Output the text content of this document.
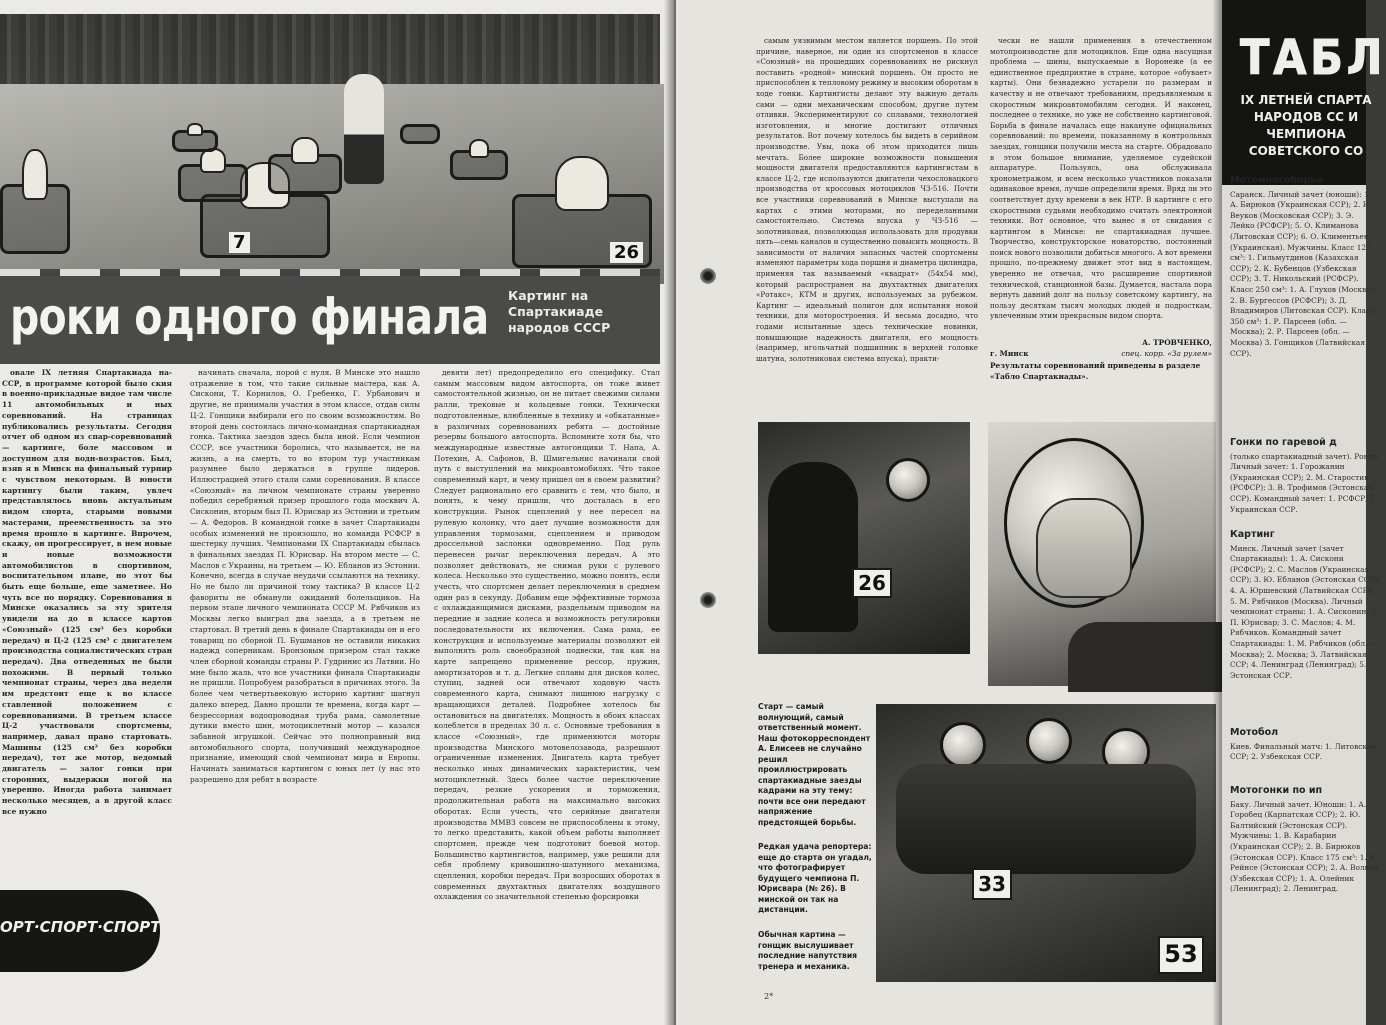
7	26
роки одного финала Картинг на Спартакиаде народов СССР

овале IX летняя Спартакиада на-ССР, в программе которой было ския в военно-прикладные видое там числе 11 автомобильных и ных соревнований. На страницах публиковались результаты. Сегодня отчет об одном из спар-соревнований — картинге, боле массовом и доступном для водн-возрастов. Был, взяв я в Минск на финальный турнир с чувством некоторым. В юности картингу были таким, увлеч представлялось вновь актуальным видом спорта, старыми новыми мастерами, преемственность за это время прошло в картинге. Впрочем, скажу, он прогрессирует, в нем новые и новые возможности автомобилистов в спортивном, воспитательном плане, но этот бы быть еще больше, еще заметнее. Но чуть все по порядку. Соревнования в Минске оказались за эту зрителя увидели на до в классе картов «Союзный» (125 см³ без коробки передач) и Ц-2 (125 см³ с двигателем производства социалистических стран передач). Два отведенных не были похожими. В первый только чемпионат страны, через два недели им предстоит еще к во классе ставленной положением с соревнованиями. В третьем классе Ц-2 участвовали спортсмены, например, давал право стартовать. Машины (125 см³ без коробки передач), тот же мотор, ведомый двигатель — залог гонки при сторонних, выдержки ногой на уверенно. Иногда работа занимает несколько месяцев, а в другой класс все нужно

начинать сначала, порой с нуля. В Минске это нашло отражение в том, что такие сильные мастера, как А. Сискони, Т. Корнилов, О. Гребенко, Г. Урбанович и другие, не принимали участия в этом классе, отдав силы Ц-2. Гонщики выбирали его по своим возможностям. Во второй день состоялась лично-командная спартакиадная гонка. Тактика заездов здесь была иной. Если чемпион СССР, все участники боролись, что называется, не на жизнь, а на смерть, то во втором тур участникам разумнее было держаться в группе лидеров. Иллюстрацией этого стали сами соревнования. В классе «Союзный» на личном чемпионате страны уверенно победил серебряный призер прошлого года москвич А. Сисконин, вторым был П. Юрисвар из Эстонии и третьим — А. Федоров. В командной гонке в зачет Спартакиады особых изменений не произошло, но команда РСФСР в шестерку лучших. Чемпионами IX Спартакиады сбылась в финальных заездах П. Юрисвар. На втором месте — С. Маслов с Украины, на третьем — Ю. Ебланов из Эстонии. Конечно, всегда в случае неудачи ссылаются на технику. Но не было ли причиной тому тактика? В классе Ц-2 фавориты не обманули ожиданий болельщиков. На первом этапе личного чемпионата СССР М. Рябчиков из Москвы легко выиграл два заезда, а в третьем не стартовал. В третий день в финале Спартакиады он и его товарищ по сборной П. Бушманов не оставили никаких надежд соперникам. Бронзовым призером стал также член сборной команды страны Р. Гудринис из Латвии. Но мне было жаль, что все участники финала Спартакиады не пришли. Попробуем разобраться в причинах этого. За более чем четвертьвековую историю картинг шагнул далеко вперед. Давно прошли те времена, когда карт — безрессорная водопроводная труба рама, самолетные дутики вместо шин, мотоциклетный мотор — казался забавной игрушкой. Сейчас это полноправный вид автомобильного спорта, получивший международное признание, имеющий свой чемпионат мира и Европы. Начинать заниматься картингом с юных лет (у нас это разрешено для ребят в возрасте

девяти лет) предопределило его специфику. Стал самым массовым видом автоспорта, он тоже живет самостоятельной жизнью, он не питает свежими силами ралли, трековые и кольцевые гонки. Технически подготовленные, влюбленные в технику и «обкатанные» в различных соревнованиях ребята — достойные резервы большого автоспорта. Вспомните хотя бы, что международные известные автогонщики Т. Напа, А. Потехин, А. Сафонов, В. Шмигельнис начинали свой путь с выступлений на микроавтомобилях. Что такое современный карт, и чему пришел он в своем развитии? Следует рационально его сравнить с тем, что было, и понять, к чему пришли, что досталась в его конструкции. Рынок сцеплений у нее пересел на рулевую колонку, что дает лучшие возможности для управления тормозами, сцеплением и приводом дроссельной заслонки одновременно. Под руль перенесен рычаг переключения передач. А это позволяет действовать, не снимая руки с рулевого колеса. Несколько это существенно, можно понять, если учесть, что спортсмен делает переключения в среднем один раз в секунду. Добавим еще эффективные тормоза с охлаждающимися дисками, раздельным приводом на передние и задние колеса и возможность регулировки последовательности их включения. Сама рама, ее конструкция и используемые материалы позволяют ей выполнять роль своеобразной подвески, так как на карте запрещено применение рессор, пружин, амортизаторов и т. д. Легкие сплавы для дисков колес, ступиц, задней оси отвечают ходовую часть современного карта, снимают лишнюю нагрузку с вращающихся деталей. Подробнее хотелось бы остановиться на двигателях. Мощность в обоих классах колеблется в пределах 30 л. с. Основные требования в классе «Союзный», где применяются моторы производства Минского мотовелозавода, разрешают ограниченные изменения. Двигатель карта требует несколько иных динамических характеристик, чем мотоциклетный. Здесь более частое переключение передач, резкие ускорения и торможения, продолжительная работа на максимально высоких оборотах. Если учесть, что серийные двигатели производства ММВЗ совсем не приспособлены к этому, то легко представить, какой объем работы выполняет спортсмен, прежде чем подготовит боевой мотор. Большинство картингистов, например, уже решили для себя проблему кривошипно-шатунного механизма, сцепления, коробки передач. При возросших оборотах в современных двухтактных двигателях воздушного охлаждения со значительной степенью форсировки

ОРТ·СПОРТ·СПОРТ

самым уязвимым местом является поршень. По этой причине, наверное, ни один из спортсменов в классе «Союзный» на прошедших соревнованиях не рискнул поставить «родной» минский поршень. Он просто не приспособлен к тепловому режиму и высоким оборотам в ходе гонки. Картингисты делают эту важную деталь сами — одни механическим способом, другие путем отливки. Экспериментируют со сплавами, технологией изготовления, и многие достигают отличных результатов. Вот почему хотелось бы видеть в серийном производстве. Увы, пока об этом приходится лишь мечтать. Более широкие возможности повышения мощности двигателя предоставляются картингистам в классе Ц-2, где используются двигатели чехословацкого производства от кроссовых мотоциклов ЧЗ-516. Почти все участники соревнований в Минске выступали на картах с этими моторами, но переделанными самостоятельно. Система впуска у ЧЗ-516 — золотниковая, позволяющая использовать для продувки пять—семь каналов и существенно повысить мощность. В зависимости от наличия запасных частей спортсмены изменяют параметры хода поршня и диаметра цилиндра, применяя так называемый «квадрат» (54х54 мм), который распространен на двухтактных двигателях «Ротакс», КТМ и других, используемых за рубежом. Картинг — идеальный полигон для испытания новой техники, для моторостроения. И весьма досадно, что годами испытанные здесь технические новинки, повышающие надежность двигателя, его мощность (например, игольчатый подшипник в верхней головке шатуна, золотниковая система впуска), практи-

чески не нашли применения в отечественном мотопроизводстве для мотоциклов. Еще одна насущная проблема — шины, выпускаемые в Воронеже (а ее единственное предприятие в стране, которое «обувает» карты). Они безнадежно устарели по размерам и качеству и не отвечают требованиям, предъявляемым к скоростным микроавтомобилям сегодня. И наконец, последнее о технике, но уже не собственно картинговой. Борьба в финале началась еще накануне официальных соревнований: по времени, показанному в контрольных заездах, гонщики получили места на старте. Обрадовало в этом большое внимание, уделяемое судейской аппаратуре. Пользуясь, она обслуживала хронометражом, и всем несколько участников показали одинаковое время, лучше определили время. Вряд ли это соответствует духу времени в век НТР. В картинге с его скоростными судьями необходимо считать электронной техники. Вот основное, что вынес я от свидания с картингом в Минске: не спартакиадная лучшее. Творчество, конструкторское новаторство, постоянный поиск нового позволили добиться многого. А вот времени прошло, по-прежнему движет этот вид в настоящем, уверенно не отвечая, что расширение спортивной технической, станционной базы. Думается, настала пора вернуть давний долг на пользу советскому картингу, на пользу десяткам тысяч молодых людей и подросткам, увлеченным этим прекрасным видом спорта.

А. ТРОВЧЕНКО,
г. Минск	спец. корр. «За рулем»
Результаты соревнований приведены в разделе «Табло Спартакиады».
26
Старт — самый волнующий, самый ответственный момент. Наш фотокорреспондент А. Елисеев не случайно решил проиллюстрировать спартакиадные заезды кадрами на эту тему: почти все они передают напряжение предстоящей борьбы.
Редкая удача репортера: еще до старта он угадал, что фотографирует будущего чемпиона П. Юрисвара (№ 26). В минской он так на дистанции.
Обычная картина — гонщик выслушивает последние напутствия тренера и механика.
33
53
2*
ТАБЛ
IX ЛЕТНЕЙ СПАРТА НАРОДОВ СС И ЧЕМПИОНА СОВЕТСКОГО СО
Мотомногоборье
Саранск. Личный зачет (юноши): 1. А. Бирюков (Украинская ССР); 2. В. Веуков (Московская ССР); 3. Э. Лейко (РСФСР); 5. О. Климанова (Литовская ССР); 6. О. Климентьев (Украинская). Мужчины. Класс 125 см³: 1. Гильмутдинов (Казахская ССР); 2. К. Бубенцов (Узбекская ССР); 3. Т. Никольский (РСФСР). Класс 250 см³: 1. А. Глухов (Москва); 2. В. Бургессов (РСФСР); 3. Д. Владимиров (Литовская ССР). Класс 350 см³: 1. Р. Парсеев (обл. — Москва); 2. Р. Парсеев (обл. — Москва) 3. Гонщиков (Латвийская ССР).
Гонки по гаревой д
(только спартакиадный зачет). Ровно. Личный зачет: 1. Горожанин (Украинская ССР); 2. М. Старостин (РСФСР); 3. В. Трофимов (Эстонская ССР). Командный зачет: 1. РСФСР; 2. Украинская ССР.
Картинг
Минск. Личный зачет (зачет Спартакиады): 1. А. Сискони (РСФСР); 2. С. Маслов (Украинская ССР); 3. Ю. Ебланов (Эстонская ССР); 4. А. Юршевский (Латвийская ССР); 5. М. Рябчиков (Москва). Личный чемпионат страны: 1. А. Сисконин; 2. П. Юрисвар; 3. С. Маслов; 4. М. Рябчиков. Командный зачет Спартакиады: 1. М. Рябчиков (обл. — Москва); 2. Москва; 3. Латвийская ССР; 4. Ленинград (Ленинград); 5. Эстонская ССР.
Мотобол
Киев. Финальный матч: 1. Литовская ССР; 2. Узбекская ССР.
Мотогонки по ип
Баку. Личный зачет. Юноши: 1. А. Горобец (Карпатская ССР); 2. Ю. Балтийский (Эстонская ССР). Мужчины: 1. В. Карабарин (Украинская ССР); 2. В. Бирюков (Эстонская ССР). Класс 175 см³: 1. В. Рейнсе (Эстонская ССР); 2. А. Волков (Узбекская ССР); 1. А. Олейник (Ленинград); 2. Ленинград.
